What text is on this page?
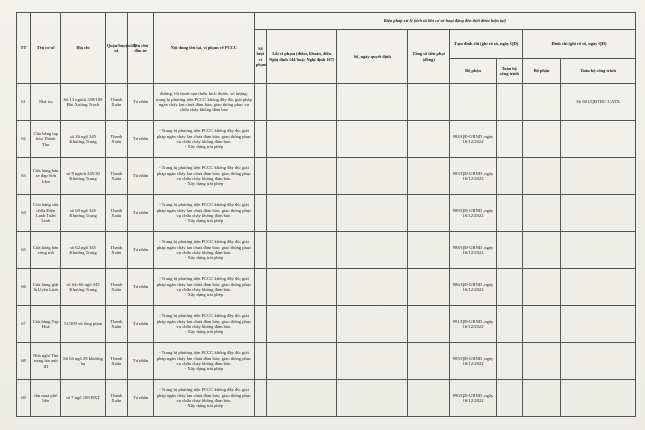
TT	Tên cơ sở	Địa chỉ	Quận/huyện/thị xã	Tên chủ đầu tư	Nội dung tồn tại, vi phạm về PCCC	Biện pháp xử lý (tích từ khi cơ sở hoạt động đến thời điểm hiện tại)							
						Số lượt vi phạm	Lỗi vi phạm (điểm, khoản, điều Nghị định 144 hoặc Nghị định 167)	Số, ngày quyết định	Tổng số tiền phạt (đồng)	Tạm đình chỉ (ghi rõ số, ngày QĐ)		Đình chỉ (ghi rõ số, ngày QĐ)	
										Bộ phận	Toàn bộ công trình	Bộ phận	Toàn bộ công trình
61	Nhà trọ	Số 13 ngách 358/109 Bùi Xương Trạch	Thanh Xuân	Tư nhân	đường, lối thoát nạn thiếu kích thước, số lượng; trang bị phương tiện PCCC không đầy đủ; giải pháp ngăn cháy lan chưa đảm bảo; giao thông phục vụ chữa cháy không đảm bảo								Số 681/QĐTĐC-CATX
62	Cửa hàng tạp hóa Thành Thu	số 26 ngõ 345 Khương Trung	Thanh Xuân	Tư nhân	- Trang bị phương tiện PCCC không đầy đủ; giải pháp ngăn cháy lan chưa đảm bảo; giao thông phục vụ chữa cháy không đảm bảo.
- Xây dựng trái phép					984/QĐ-UBND ,ngày 16/12/2022			
63	Cửa hàng bán xe đạp Sơn Lâm	số 8 ngách 345/30 Khương Trung	Thanh Xuân	Tư nhân	- Trang bị phương tiện PCCC không đầy đủ; giải pháp ngăn cháy lan chưa đảm bảo; giao thông phục vụ chữa cháy không đảm bảo.
- Xây dựng trái phép					985/QĐ-UBND ,ngày 16/12/2022			
64	Cửa hàng sửa chữa Điện Lạnh Tuấn Linh	số 60 ngõ 345 Khương Trung	Thanh Xuân	Tư nhân	- Trang bị phương tiện PCCC không đầy đủ; giải pháp ngăn cháy lan chưa đảm bảo; giao thông phục vụ chữa cháy không đảm bảo.
- Xây dựng trái phép					989/QĐ-UBND ,ngày 16/12/2022			
65	Cửa hàng bán vòng mũ	số 62 ngõ 345 Khương Trung	Thanh Xuân	Tư nhân	- Trang bị phương tiện PCCC không đầy đủ; giải pháp ngăn cháy lan chưa đảm bảo; giao thông phục vụ chữa cháy không đảm bảo.
- Xây dựng trái phép					988/QĐ-UBND ,ngày 16/12/2022			
66	Cửa hàng giặt là Uyên Linh	số 64+66 ngõ 345 Khương Trung	Thanh Xuân	Tư nhân	- Trang bị phương tiện PCCC không đầy đủ; giải pháp ngăn cháy lan chưa đảm bảo; giao thông phục vụ chữa cháy không đảm bảo.
- Xây dựng trái phép					986/QĐ-UBND ,ngày 16/12/2022			
67	Cửa hàng Tạp Hoá	51/309 vũ tông phan	Thanh Xuân	Tư nhân	- Trang bị phương tiện PCCC không đầy đủ; giải pháp ngăn cháy lan chưa đảm bảo; giao thông phục vụ chữa cháy không đảm bảo.
- Xây dựng trái phép					991/QĐ-UBND ,ngày 16/12/2022			
68	Nhà nghỉ Thu trang lan anh III	Số 64 ngõ 29 khương hạ	Thanh Xuân	Tư nhân	- Trang bị phương tiện PCCC không đầy đủ; giải pháp ngăn cháy lan chưa đảm bảo; giao thông phục vụ chữa cháy không đảm bảo.
- Xây dựng trái phép					985/QĐ-UBND ,ngày 16/12/2022			
69	thu mua phế liệu	số 7 ngõ 108 BXT	Thanh Xuân	Tư nhân	- Trang bị phương tiện PCCC không đầy đủ; giải pháp ngăn cháy lan chưa đảm bảo; giao thông phục vụ chữa cháy không đảm bảo.
- Xây dựng trái phép					990/QĐ-UBND ,ngày 16/12/2022			
